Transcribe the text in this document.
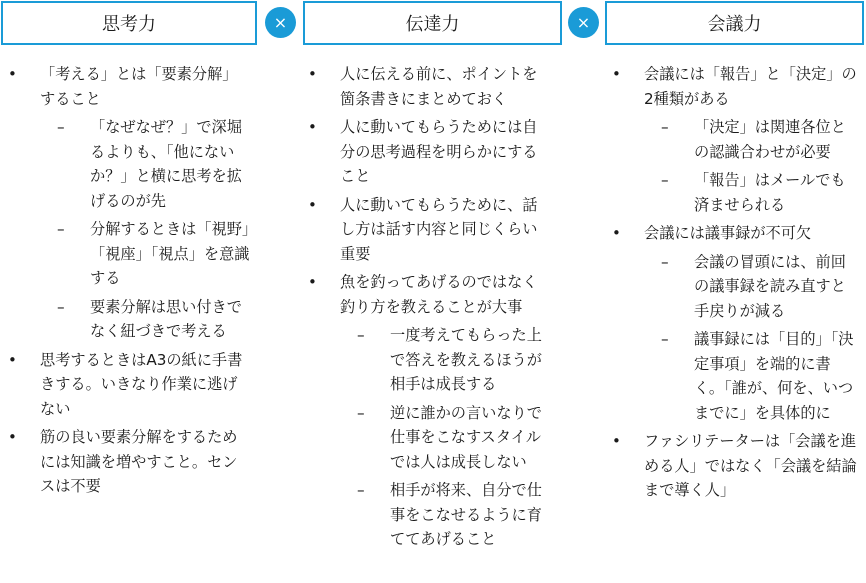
思考力	×	伝達力	×	会議力
• 「考える」とは「要素分解」すること
– 「なぜなぜ？」で深堀るよりも、「他にないか？」と横に思考を拡げるのが先
– 分解するときは「視野」「視座」「視点」を意識する
– 要素分解は思い付きでなく紐づきで考える
• 思考するときはA3の紙に手書きする。いきなり作業に逃げない
• 筋の良い要素分解をするためには知識を増やすこと。センスは不要
• 人に伝える前に、ポイントを箇条書きにまとめておく
• 人に動いてもらうためには自分の思考過程を明らかにすること
• 人に動いてもらうために、話し方は話す内容と同じくらい重要
• 魚を釣ってあげるのではなく釣り方を教えることが大事
– 一度考えてもらった上で答えを教えるほうが相手は成長する
– 逆に誰かの言いなりで仕事をこなすスタイルでは人は成長しない
– 相手が将来、自分で仕事をこなせるように育ててあげること
• 会議には「報告」と「決定」の2種類がある
– 「決定」は関連各位との認識合わせが必要
– 「報告」はメールでも済ませられる
• 会議には議事録が不可欠
– 会議の冒頭には、前回の議事録を読み直すと手戻りが減る
– 議事録には「目的」「決定事項」を端的に書く。「誰が、何を、いつまでに」を具体的に
• ファシリテーターは「会議を進める人」ではなく「会議を結論まで導く人」
